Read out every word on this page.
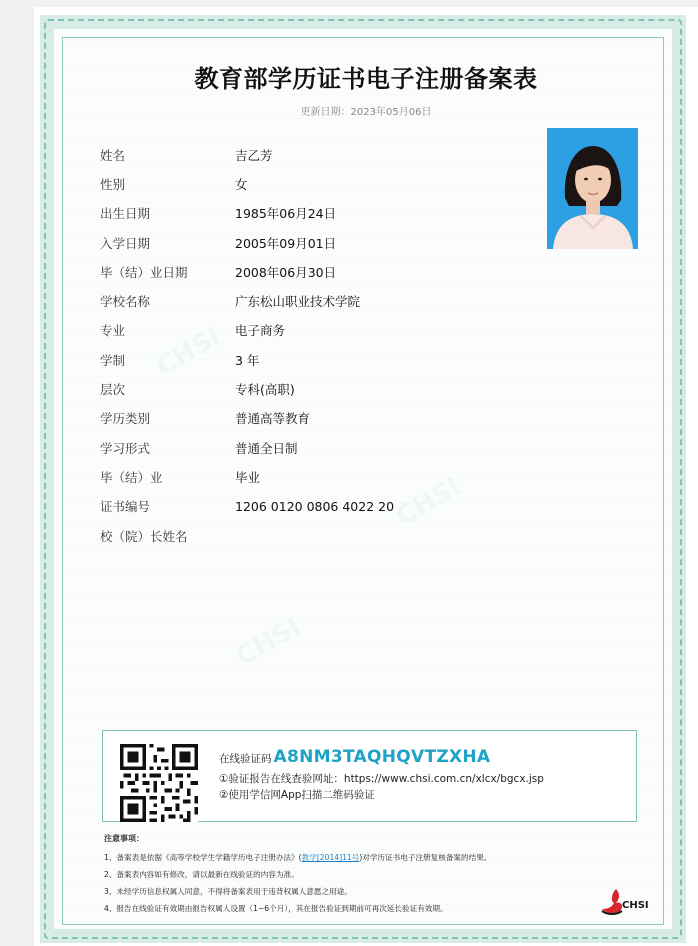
教育部学历证书电子注册备案表
更新日期：2023年05月06日
姓名	吉乙芳
性别	女
出生日期	1985年06月24日
入学日期	2005年09月01日
毕（结）业日期	2008年06月30日
学校名称	广东松山职业技术学院
专业	电子商务
学制	3 年
层次	专科(高职)
学历类别	普通高等教育
学习形式	普通全日制
毕（结）业	毕业
证书编号	1206 0120 0806 4022 20
校（院）长姓名
在线验证码 A8NM3TAQHQVTZXHA
①验证报告在线查验网址：https://www.chsi.com.cn/xlcx/bgcx.jsp
②使用学信网App扫描二维码验证
注意事项：
1、备案表是依据《高等学校学生学籍学历电子注册办法》(教学[2014]11号)对学历证书电子注册复核备案的结果。
2、备案表内容如有修改，请以最新在线验证的内容为准。
3、未经学历信息权属人同意，不得将备案表用于违背权属人意愿之用途。
4、报告在线验证有效期由报告权属人设置（1~6个月），其在报告验证到期前可再次延长验证有效期。	CHSI
